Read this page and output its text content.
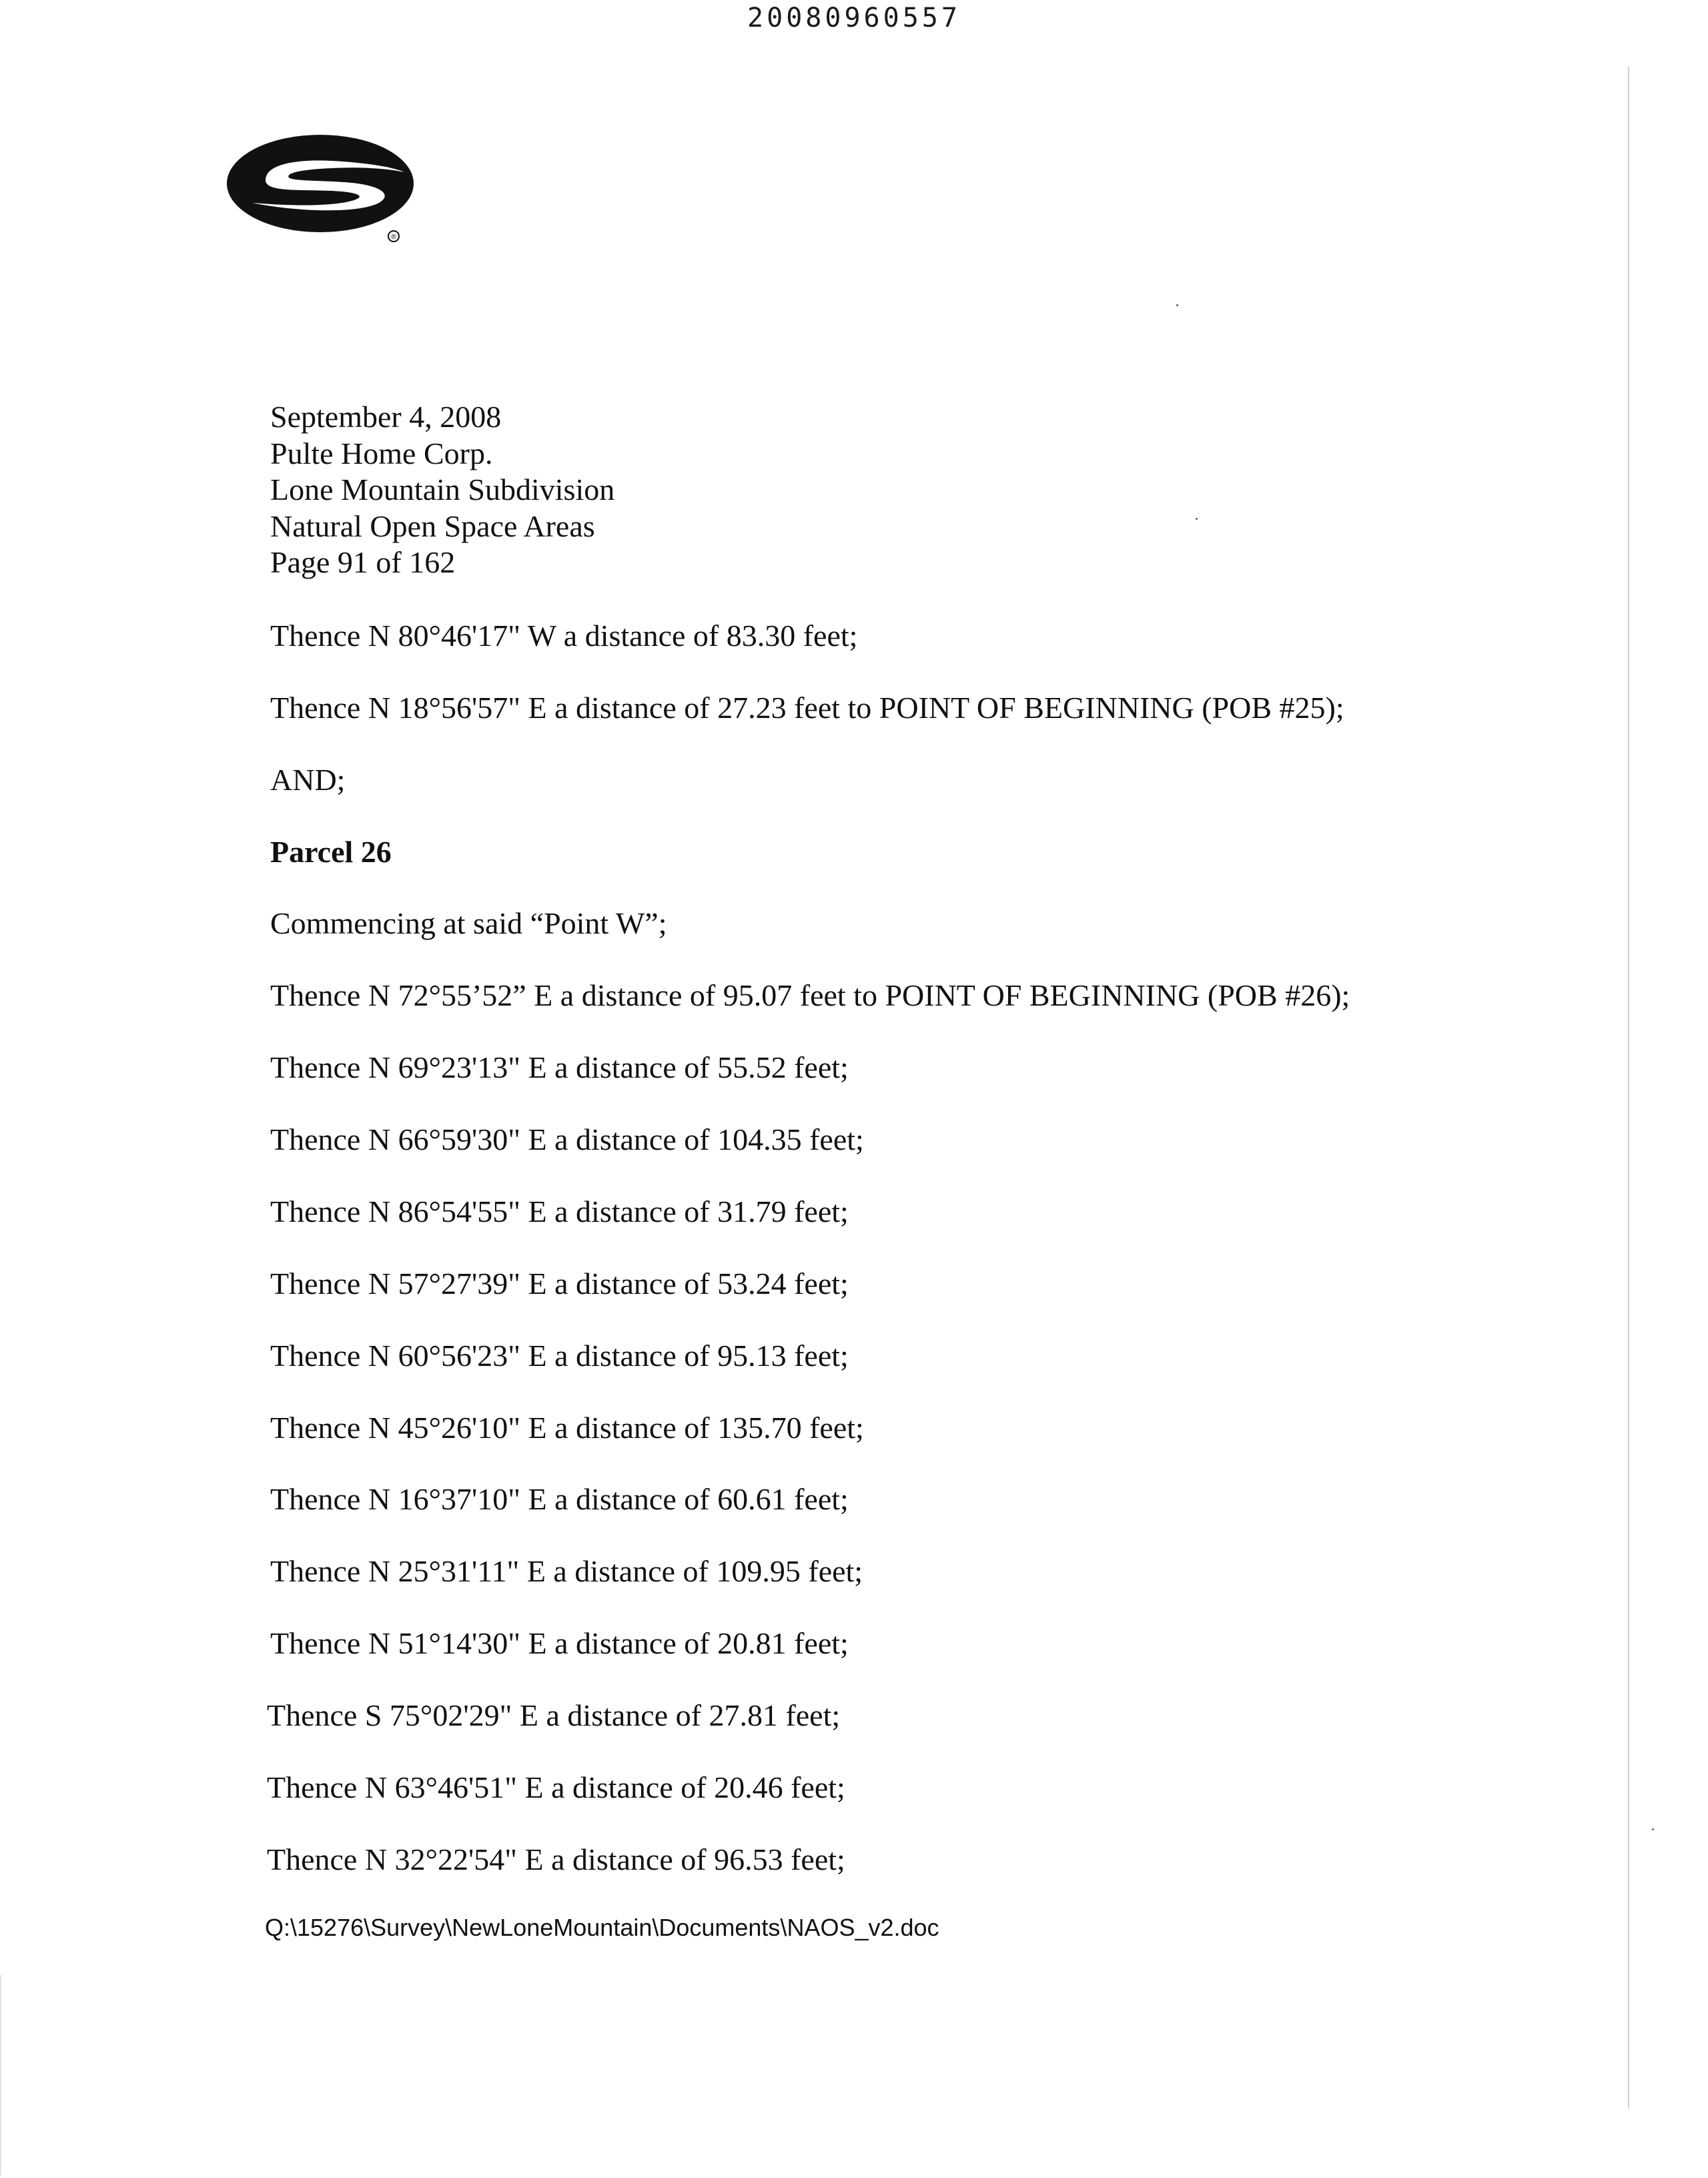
20080960557
®
September 4, 2008
Pulte Home Corp.
Lone Mountain Subdivision
Natural Open Space Areas
Page 91 of 162
Thence N 80°46'17" W a distance of 83.30 feet;
Thence N 18°56'57" E a distance of 27.23 feet to POINT OF BEGINNING (POB #25);
AND;
Parcel 26
Commencing at said “Point W”;
Thence N 72°55’52” E a distance of 95.07 feet to POINT OF BEGINNING (POB #26);
Thence N 69°23'13" E a distance of 55.52 feet;
Thence N 66°59'30" E a distance of 104.35 feet;
Thence N 86°54'55" E a distance of 31.79 feet;
Thence N 57°27'39" E a distance of 53.24 feet;
Thence N 60°56'23" E a distance of 95.13 feet;
Thence N 45°26'10" E a distance of 135.70 feet;
Thence N 16°37'10" E a distance of 60.61 feet;
Thence N 25°31'11" E a distance of 109.95 feet;
Thence N 51°14'30" E a distance of 20.81 feet;
Thence S 75°02'29" E a distance of 27.81 feet;
Thence N 63°46'51" E a distance of 20.46 feet;
Thence N 32°22'54" E a distance of 96.53 feet;
Q:\15276\Survey\NewLoneMountain\Documents\NAOS_v2.doc
